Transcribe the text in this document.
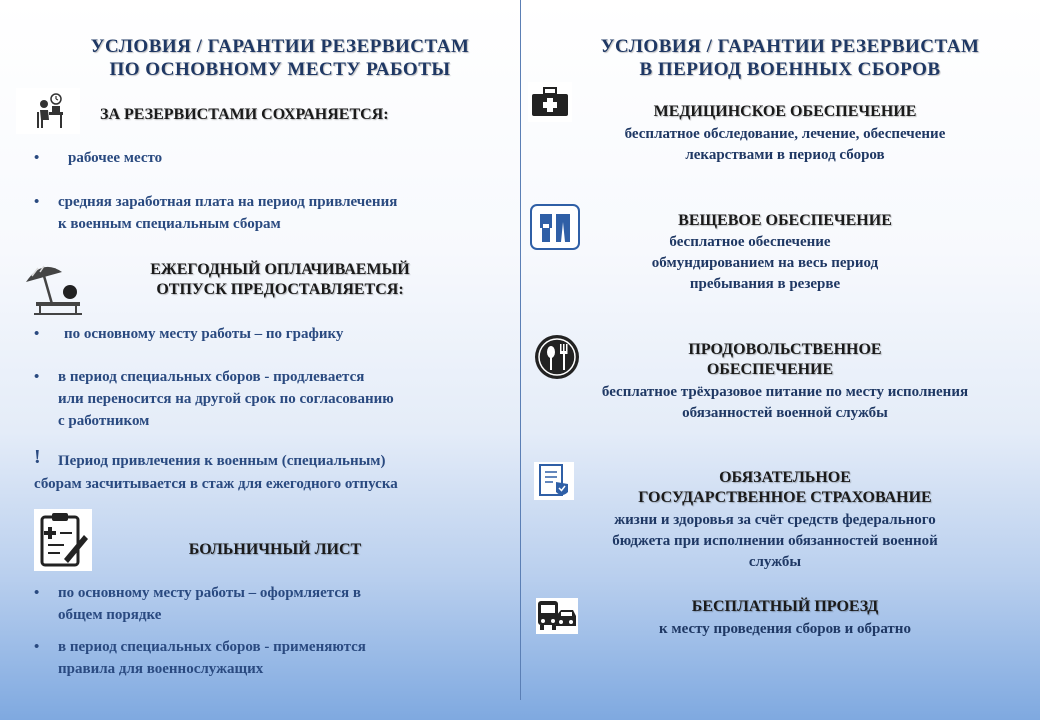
УСЛОВИЯ / ГАРАНТИИ РЕЗЕРВИСТАМ
ПО ОСНОВНОМУ МЕСТУ РАБОТЫ
ЗА РЕЗЕРВИСТАМИ СОХРАНЯЕТСЯ:
• рабочее место
• средняя заработная плата на период привлечения
к военным специальным сборам
ЕЖЕГОДНЫЙ ОПЛАЧИВАЕМЫЙ
ОТПУСК ПРЕДОСТАВЛЯЕТСЯ:
• по основному месту работы – по графику
• в период специальных сборов - продлевается
или переносится на другой срок по согласованию
с работником
! Период привлечения к военным (специальным)
сборам засчитывается в стаж для ежегодного отпуска
БОЛЬНИЧНЫЙ ЛИСТ
• по основному месту работы – оформляется в
общем порядке
• в период специальных сборов - применяются
правила для военнослужащих
УСЛОВИЯ / ГАРАНТИИ РЕЗЕРВИСТАМ
В ПЕРИОД ВОЕННЫХ СБОРОВ
МЕДИЦИНСКОЕ ОБЕСПЕЧЕНИЕ
бесплатное обследование, лечение, обеспечение
лекарствами в период сборов
ВЕЩЕВОЕ ОБЕСПЕЧЕНИЕ
бесплатное обеспечение
обмундированием на весь период
пребывания в резерве
ПРОДОВОЛЬСТВЕННОЕ
ОБЕСПЕЧЕНИЕ
бесплатное трёхразовое питание по месту исполнения
обязанностей военной службы
ОБЯЗАТЕЛЬНОЕ
ГОСУДАРСТВЕННОЕ СТРАХОВАНИЕ
жизни и здоровья за счёт средств федерального
бюджета при исполнении обязанностей военной
службы
БЕСПЛАТНЫЙ ПРОЕЗД
к месту проведения сборов и обратно
